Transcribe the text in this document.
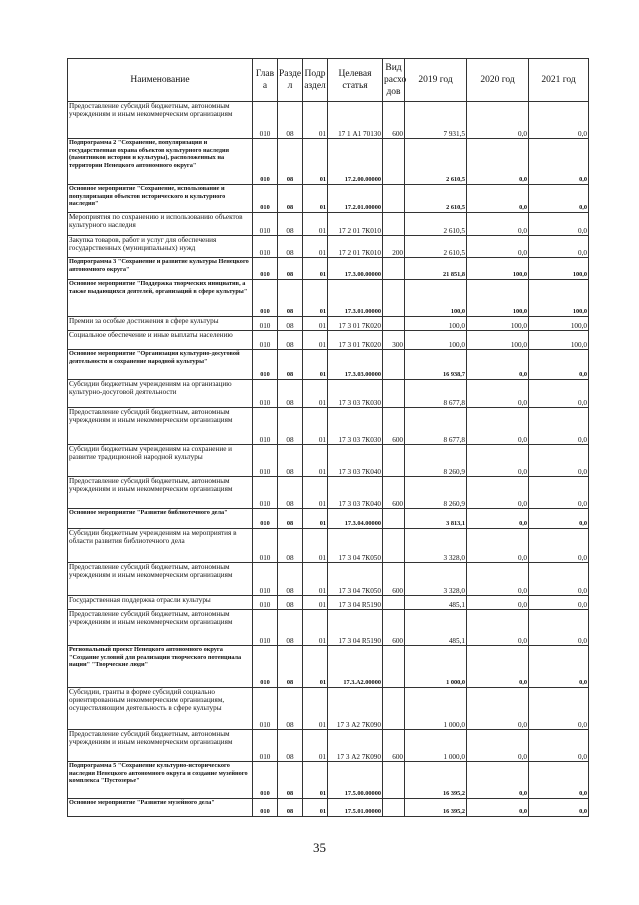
Наименование	Глав а	Разде л	Подр аздел	Целевая статья	Вид расхо дов	2019 год	2020 год	2021 год
Предоставление субсидий бюджетным, автономным учреждениям и иным некоммерческим организациям	010	08	01	17 1 А1 70130	600	7 931,5	0,0	0,0
Подпрограмма 2 "Сохранение, популяризация и государственная охрана объектов культурного наследия (памятников истории и культуры), расположенных на территории Ненецкого автономного округа"	010	08	01	17.2.00.00000		2 610,5	0,0	0,0
Основное мероприятие "Сохранение, использование и популяризация объектов исторического и культурного наследия"	010	08	01	17.2.01.00000		2 610,5	0,0	0,0
Мероприятия по сохранению и использованию объектов культурного наследия	010	08	01	17 2 01 7К010		2 610,5	0,0	0,0
Закупка товаров, работ и услуг для обеспечения государственных (муниципальных) нужд	010	08	01	17 2 01 7К010	200	2 610,5	0,0	0,0
Подпрограмма 3 "Сохранение и развитие культуры Ненецкого автономного округа"	010	08	01	17.3.00.00000		21 851,8	100,0	100,0
Основное мероприятие "Поддержка творческих инициатив, а также выдающихся деятелей, организаций в сфере культуры"	010	08	01	17.3.01.00000		100,0	100,0	100,0
Премии за особые достижения в сфере культуры	010	08	01	17 3 01 7К020		100,0	100,0	100,0
Социальное обеспечение и иные выплаты населению	010	08	01	17 3 01 7К020	300	100,0	100,0	100,0
Основное мероприятие "Организация культурно-досуговой деятельности и сохранение народной культуры"	010	08	01	17.3.03.00000		16 938,7	0,0	0,0
Субсидии бюджетным учреждениям на организацию культурно-досуговой деятельности	010	08	01	17 3 03 7К030		8 677,8	0,0	0,0
Предоставление субсидий бюджетным, автономным учреждениям и иным некоммерческим организациям	010	08	01	17 3 03 7К030	600	8 677,8	0,0	0,0
Субсидии бюджетным учреждениям на сохранение и развитие традиционной народной культуры	010	08	01	17 3 03 7К040		8 260,9	0,0	0,0
Предоставление субсидий бюджетным, автономным учреждениям и иным некоммерческим организациям	010	08	01	17 3 03 7К040	600	8 260,9	0,0	0,0
Основное мероприятие "Развитие библиотечного дела"	010	08	01	17.3.04.00000		3 813,1	0,0	0,0
Субсидии бюджетным учреждениям на мероприятия в области развития библиотечного дела	010	08	01	17 3 04 7К050		3 328,0	0,0	0,0
Предоставление субсидий бюджетным, автономным учреждениям и иным некоммерческим организациям	010	08	01	17 3 04 7К050	600	3 328,0	0,0	0,0
Государственная поддержка отрасли культуры	010	08	01	17 3 04 R5190		485,1	0,0	0,0
Предоставление субсидий бюджетным, автономным учреждениям и иным некоммерческим организациям	010	08	01	17 3 04 R5190	600	485,1	0,0	0,0
Региональный проект Ненецкого автономного округа "Создание условий для реализации творческого потенциала нации" "Творческие люди"	010	08	01	17.3.А2.00000		1 000,0	0,0	0,0
Субсидии, гранты в форме субсидий социально ориентированным некоммерческим организациям, осуществляющим деятельность в сфере культуры	010	08	01	17 3 А2 7К090		1 000,0	0,0	0,0
Предоставление субсидий бюджетным, автономным учреждениям и иным некоммерческим организациям	010	08	01	17 3 А2 7К090	600	1 000,0	0,0	0,0
Подпрограмма 5 "Сохранение культурно-исторического наследия Ненецкого автономного округа и создание музейного комплекса "Пустозерье"	010	08	01	17.5.00.00000		16 395,2	0,0	0,0
Основное мероприятие "Развитие музейного дела"	010	08	01	17.5.01.00000		16 395,2	0,0	0,0
35
